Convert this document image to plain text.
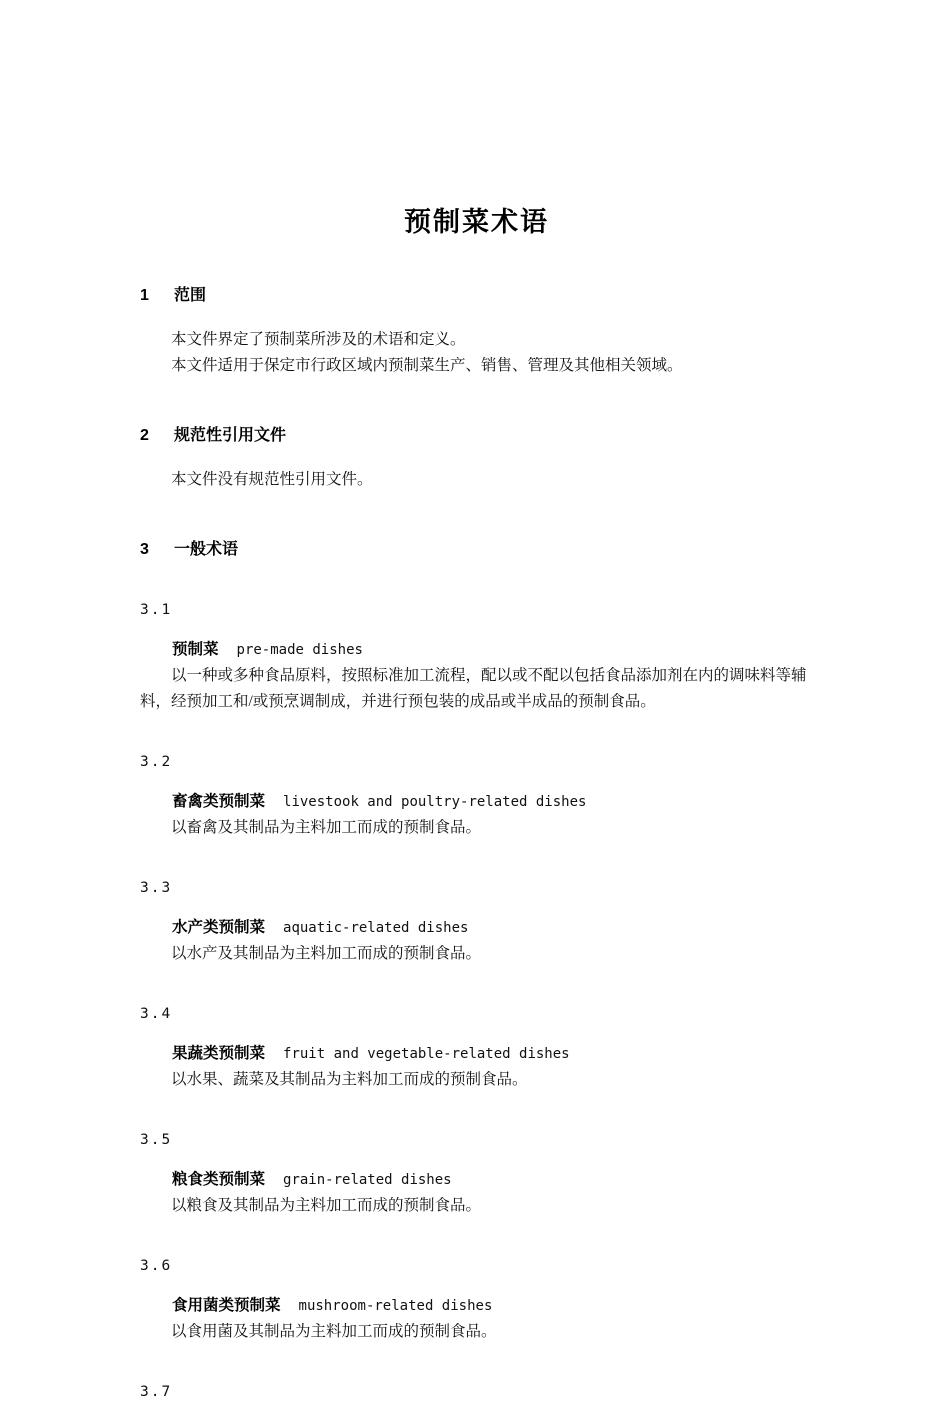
预制菜术语
1 范围

本文件界定了预制菜所涉及的术语和定义。

本文件适用于保定市行政区域内预制菜生产、销售、管理及其他相关领域。

2 规范性引用文件

本文件没有规范性引用文件。

3 一般术语
3.1
预制菜 pre-made dishes

以一种或多种食品原料，按照标准加工流程，配以或不配以包括食品添加剂在内的调味料等辅料，经预加工和/或预烹调制成，并进行预包装的成品或半成品的预制食品。

3.2
畜禽类预制菜 livestook and poultry-related dishes

以畜禽及其制品为主料加工而成的预制食品。

3.3
水产类预制菜 aquatic-related dishes

以水产及其制品为主料加工而成的预制食品。

3.4
果蔬类预制菜 fruit and vegetable-related dishes

以水果、蔬菜及其制品为主料加工而成的预制食品。

3.5
粮食类预制菜 grain-related dishes

以粮食及其制品为主料加工而成的预制食品。

3.6
食用菌类预制菜 mushroom-related dishes

以食用菌及其制品为主料加工而成的预制食品。

3.7
